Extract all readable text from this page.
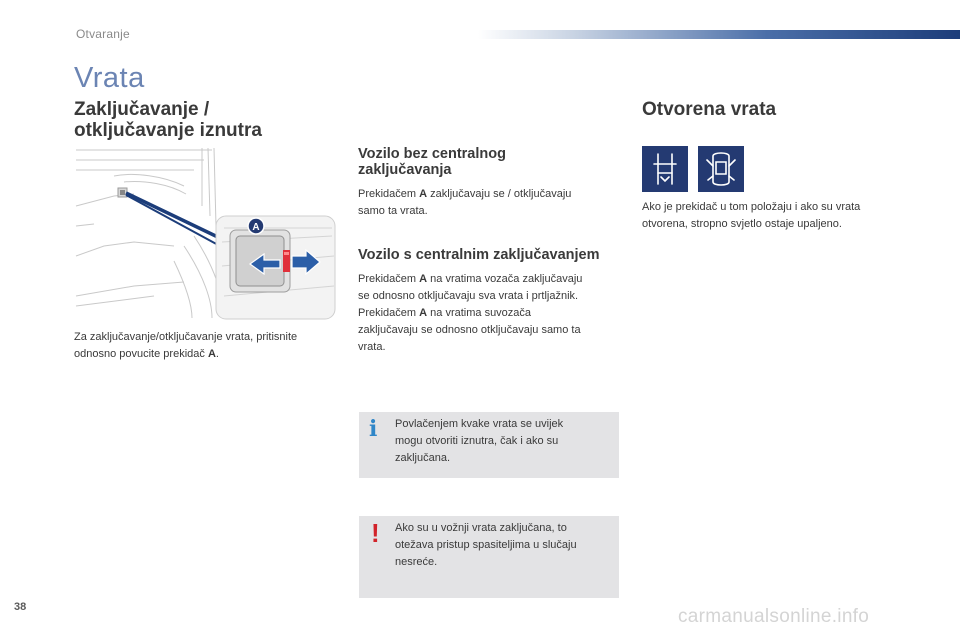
Otvaranje
Vrata
Zaključavanje /
otključavanje iznutra
A

Za zaključavanje/otključavanje vrata, pritisnite

odnosno povucite prekidač A.

Vozilo bez centralnog
zaključavanja

Prekidačem A zaključavaju se / otključavaju

samo ta vrata.

Vozilo s centralnim zaključavanjem

Prekidačem A na vratima vozača zaključavaju

se odnosno otključavaju sva vrata i prtljažnik.

Prekidačem A na vratima suvozača

zaključavaju se odnosno otključavaju samo ta

vrata.

i Povlačenjem kvake vrata se uvijek

mogu otvoriti iznutra, čak i ako su

zaključana.

! Ako su u vožnji vrata zaključana, to

otežava pristup spasiteljima u slučaju

nesreće.

Otvorena vrata

Ako je prekidač u tom položaju i ako su vrata

otvorena, stropno svjetlo ostaje upaljeno.

38	carmanualsonline.info
